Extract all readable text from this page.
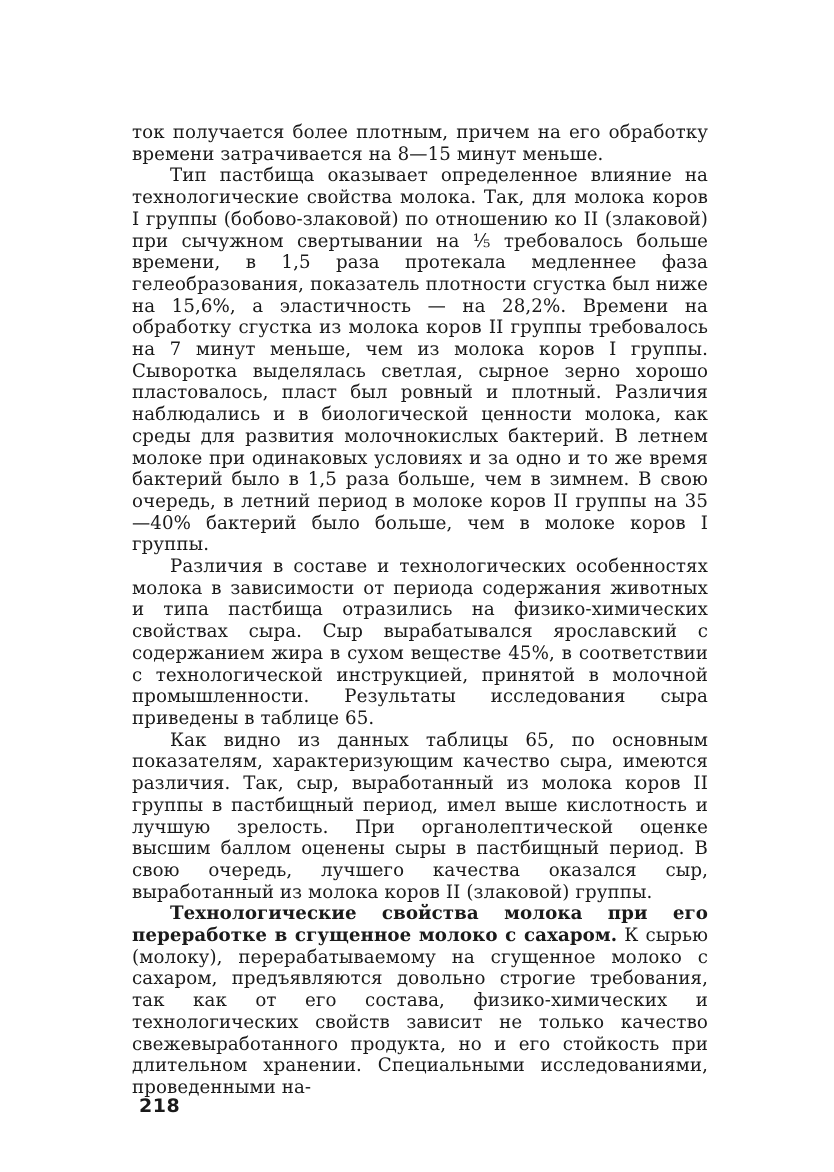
ток получается более плотным, причем на его обработку времени затрачивается на 8—15 минут меньше.

Тип пастбища оказывает определенное влияние на технологические свойства молока. Так, для молока коров I группы (бобово-злаковой) по отношению ко II (злаковой) при сычужном свертывании на ⅕ требовалось больше времени, в 1,5 раза протекала медленнее фаза гелеобразования, показатель плотности сгустка был ниже на 15,6%, а эластичность — на 28,2%. Времени на обработку сгустка из молока коров II группы требовалось на 7 минут меньше, чем из молока коров I группы. Сыворотка выделялась светлая, сырное зерно хорошо пластовалось, пласт был ровный и плотный. Различия наблюдались и в биологической ценности молока, как среды для развития молочнокислых бактерий. В летнем молоке при одинаковых условиях и за одно и то же время бактерий было в 1,5 раза больше, чем в зимнем. В свою очередь, в летний период в молоке коров II группы на 35—40% бактерий было больше, чем в молоке коров I группы.

Различия в составе и технологических особенностях молока в зависимости от периода содержания животных и типа пастбища отразились на физико-химических свойствах сыра. Сыр вырабатывался ярославский с содержанием жира в сухом веществе 45%, в соответствии с технологической инструкцией, принятой в молочной промышленности. Результаты исследования сыра приведены в таблице 65.

Как видно из данных таблицы 65, по основным показателям, характеризующим качество сыра, имеются различия. Так, сыр, выработанный из молока коров II группы в пастбищный период, имел выше кислотность и лучшую зрелость. При органолептической оценке высшим баллом оценены сыры в пастбищный период. В свою очередь, лучшего качества оказался сыр, выработанный из молока коров II (злаковой) группы.

Технологические свойства молока при его переработке в сгущенное молоко с сахаром. К сырью (молоку), перерабатываемому на сгущенное молоко с сахаром, предъявляются довольно строгие требования, так как от его состава, физико-химических и технологических свойств зависит не только качество свежевыработанного продукта, но и его стойкость при длительном хранении. Специальными исследованиями, проведенными на-

218
